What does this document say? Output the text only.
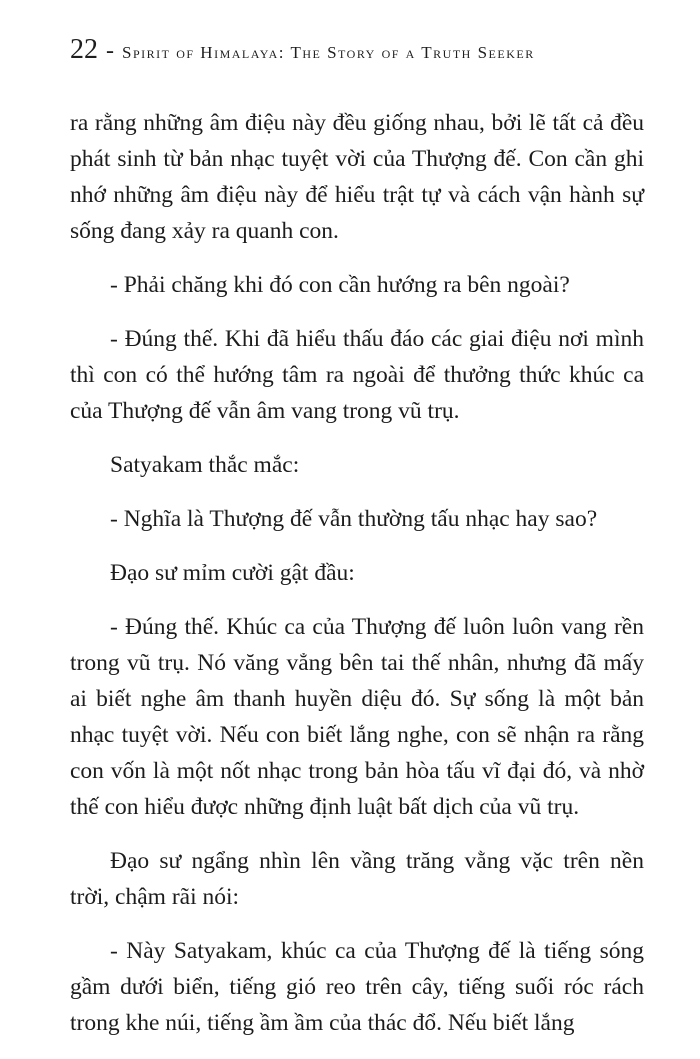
22 - Spirit of Himalaya: The Story of a Truth Seeker

ra rằng những âm điệu này đều giống nhau, bởi lẽ tất cả đều phát sinh từ bản nhạc tuyệt vời của Thượng đế. Con cần ghi nhớ những âm điệu này để hiểu trật tự và cách vận hành sự sống đang xảy ra quanh con.

- Phải chăng khi đó con cần hướng ra bên ngoài?

- Đúng thế. Khi đã hiểu thấu đáo các giai điệu nơi mình thì con có thể hướng tâm ra ngoài để thưởng thức khúc ca của Thượng đế vẫn âm vang trong vũ trụ.

Satyakam thắc mắc:

- Nghĩa là Thượng đế vẫn thường tấu nhạc hay sao?

Đạo sư mỉm cười gật đầu:

- Đúng thế. Khúc ca của Thượng đế luôn luôn vang rền trong vũ trụ. Nó văng vẳng bên tai thế nhân, nhưng đã mấy ai biết nghe âm thanh huyền diệu đó. Sự sống là một bản nhạc tuyệt vời. Nếu con biết lắng nghe, con sẽ nhận ra rằng con vốn là một nốt nhạc trong bản hòa tấu vĩ đại đó, và nhờ thế con hiểu được những định luật bất dịch của vũ trụ.

Đạo sư ngẩng nhìn lên vầng trăng vằng vặc trên nền trời, chậm rãi nói:

- Này Satyakam, khúc ca của Thượng đế là tiếng sóng gầm dưới biển, tiếng gió reo trên cây, tiếng suối róc rách trong khe núi, tiếng ầm ầm của thác đổ. Nếu biết lắng
